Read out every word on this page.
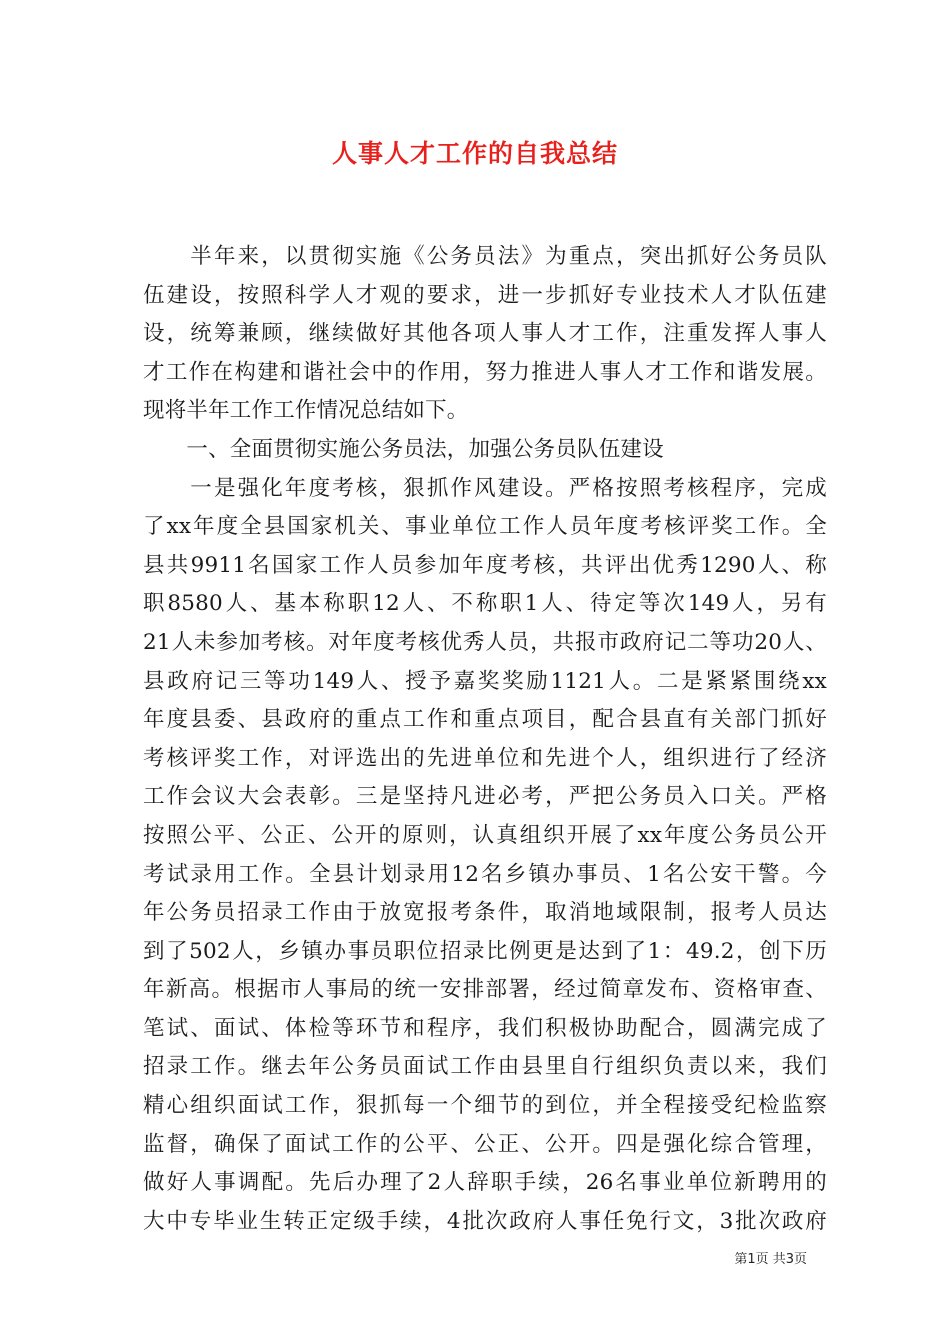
人事人才工作的自我总结
　　半年来，以贯彻实施《公务员法》为重点，突出抓好公务员队
伍建设，按照科学人才观的要求，进一步抓好专业技术人才队伍建
设，统筹兼顾，继续做好其他各项人事人才工作，注重发挥人事人
才工作在构建和谐社会中的作用，努力推进人事人才工作和谐发展。
现将半年工作工作情况总结如下。
　　一、全面贯彻实施公务员法，加强公务员队伍建设
　　一是强化年度考核，狠抓作风建设。严格按照考核程序，完成
了xx年度全县国家机关、事业单位工作人员年度考核评奖工作。全
县共9911名国家工作人员参加年度考核，共评出优秀1290人、称
职8580人、基本称职12人、不称职1人、待定等次149人，另有
21人未参加考核。对年度考核优秀人员，共报市政府记二等功20人、
县政府记三等功149人、授予嘉奖奖励1121人。二是紧紧围绕xx
年度县委、县政府的重点工作和重点项目，配合县直有关部门抓好
考核评奖工作，对评选出的先进单位和先进个人，组织进行了经济
工作会议大会表彰。三是坚持凡进必考，严把公务员入口关。严格
按照公平、公正、公开的原则，认真组织开展了xx年度公务员公开
考试录用工作。全县计划录用12名乡镇办事员、1名公安干警。今
年公务员招录工作由于放宽报考条件，取消地域限制，报考人员达
到了502人，乡镇办事员职位招录比例更是达到了1：49.2，创下历
年新高。根据市人事局的统一安排部署，经过简章发布、资格审查、
笔试、面试、体检等环节和程序，我们积极协助配合，圆满完成了
招录工作。继去年公务员面试工作由县里自行组织负责以来，我们
精心组织面试工作，狠抓每一个细节的到位，并全程接受纪检监察
监督，确保了面试工作的公平、公正、公开。四是强化综合管理，
做好人事调配。先后办理了2人辞职手续，26名事业单位新聘用的
大中专毕业生转正定级手续，4批次政府人事任免行文，3批次政府
第1页 共3页
